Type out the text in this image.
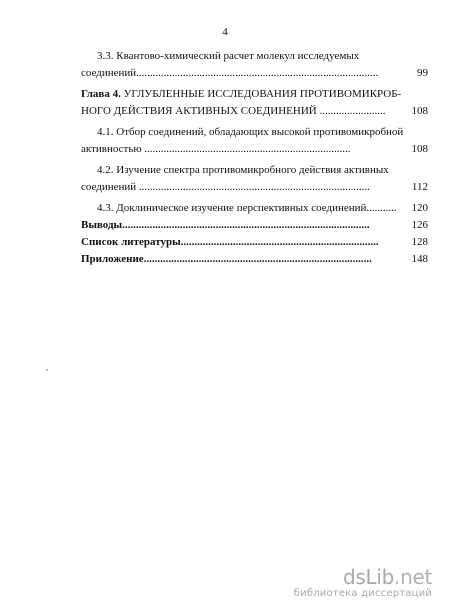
4
3.3. Квантово-химический расчет молекул исследуемых
соединений........................................................................................	99
Глава 4. УГЛУБЛЕННЫЕ ИССЛЕДОВАНИЯ ПРОТИВОМИКРОБ-
НОГО ДЕЙСТВИЯ АКТИВНЫХ СОЕДИНЕНИЙ ........................ 108
4.1. Отбор соединений, обладающих высокой противомикробной
активностью ...........................................................................	108
4.2. Изучение спектра противомикробного действия активных
соединений ....................................................................................	112
4.3. Доклиническое изучение перспективных соединений........... 120
Выводы..........................................................................................	126
Список литературы........................................................................	128
Приложение...................................................................................	148
dsLib.net
библиотека диссертаций
